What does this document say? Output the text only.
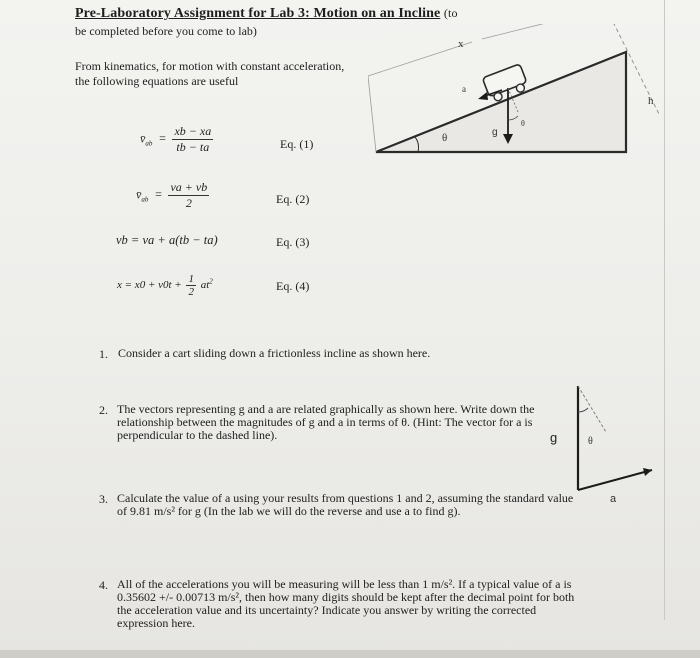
Pre-Laboratory Assignment for Lab 3: Motion on an Incline (to
be completed before you come to lab)
From kinematics, for motion with constant acceleration, the following equations are useful
x
h
a
g
θ
θ
$v̄_{ab} = \frac{xb - xa}{tb - ta}$	Eq. (1)
$v̄_{ab} = \frac{va + vb}{2}$	Eq. (2)
vb = va + a(tb − ta)	Eq. (3)
$x = x0 + v0t + \frac{1}{2} at^2$	Eq. (4)
1. Consider a cart sliding down a frictionless incline as shown here.
2. The vectors representing g and a are related graphically as shown here. Write down the relationship between the magnitudes of g and a in terms of θ. (Hint: The vector for a is perpendicular to the dashed line).	g	θ
a
3. Calculate the value of a using your results from questions 1 and 2, assuming the standard value of 9.81 m/s² for g (In the lab we will do the reverse and use a to find g).
4. All of the accelerations you will be measuring will be less than 1 m/s². If a typical value of a is 0.35602 +/- 0.00713 m/s², then how many digits should be kept after the decimal point for both the acceleration value and its uncertainty? Indicate you answer by writing the corrected expression here.
